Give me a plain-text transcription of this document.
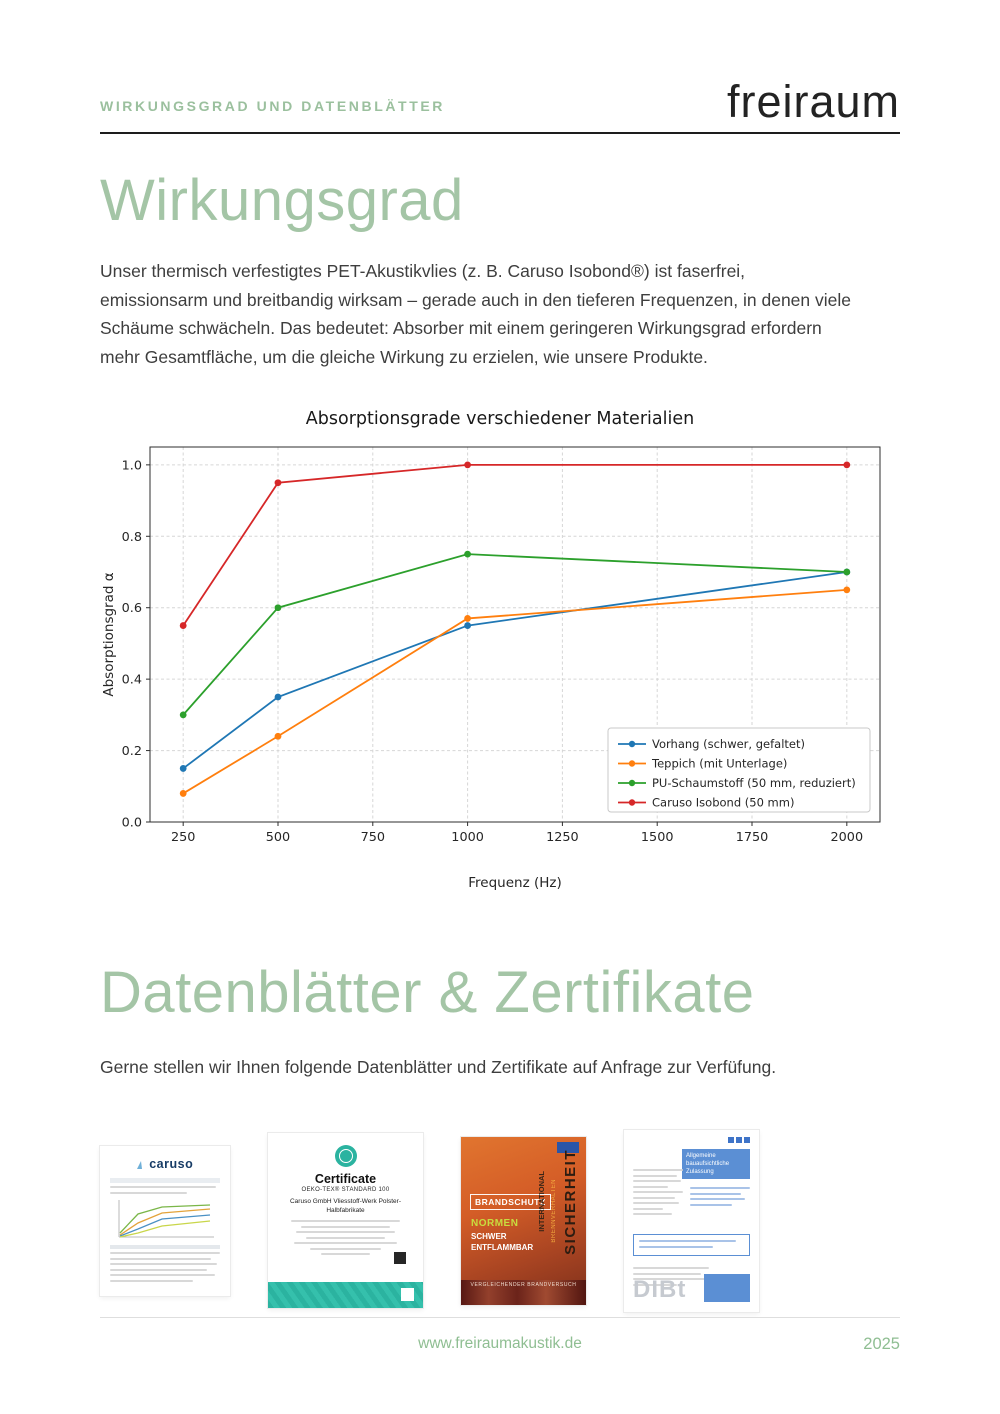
WIRKUNGSGRAD UND DATENBLÄTTER	freiraum
Wirkungsgrad

Unser thermisch verfestigtes PET-Akustikvlies (z. B. Caruso Isobond®) ist faserfrei, emissionsarm und breitbandig wirksam – gerade auch in den tieferen Frequenzen, in denen viele Schäume schwächeln. Das bedeutet: Absorber mit einem geringeren Wirkungsgrad erfordern mehr Gesamtfläche, um die gleiche Wirkung zu erzielen, wie unsere Produkte.

Absorptionsgrade verschiedener Materialien
250	500	750	1000	1250	1500	1750	2000
0.0
0.2
0.4
0.6
0.8
1.0
Frequenz (Hz)
Absorptionsgrad α
Vorhang (schwer, gefaltet)
Teppich (mit Unterlage)
PU-Schaumstoff (50 mm, reduziert)
Caruso Isobond (50 mm)
Datenblätter & Zertifikate

Gerne stellen wir Ihnen folgende Datenblätter und Zertifikate auf Anfrage zur Verfüfung.

caruso
Certificate
OEKO-TEX® STANDARD 100
Caruso GmbH Vliesstoff-Werk Polster-Halbfabrikate
BRANDSCHUTZ
NORMEN
SCHWER
ENTFLAMMBAR
INTERNATIONAL BRENNVERHALTEN SICHERHEIT
VERGLEICHENDER BRANDVERSUCH
Allgemeine bauaufsichtliche Zulassung
DIBt
www.freiraumakustik.de	2025
